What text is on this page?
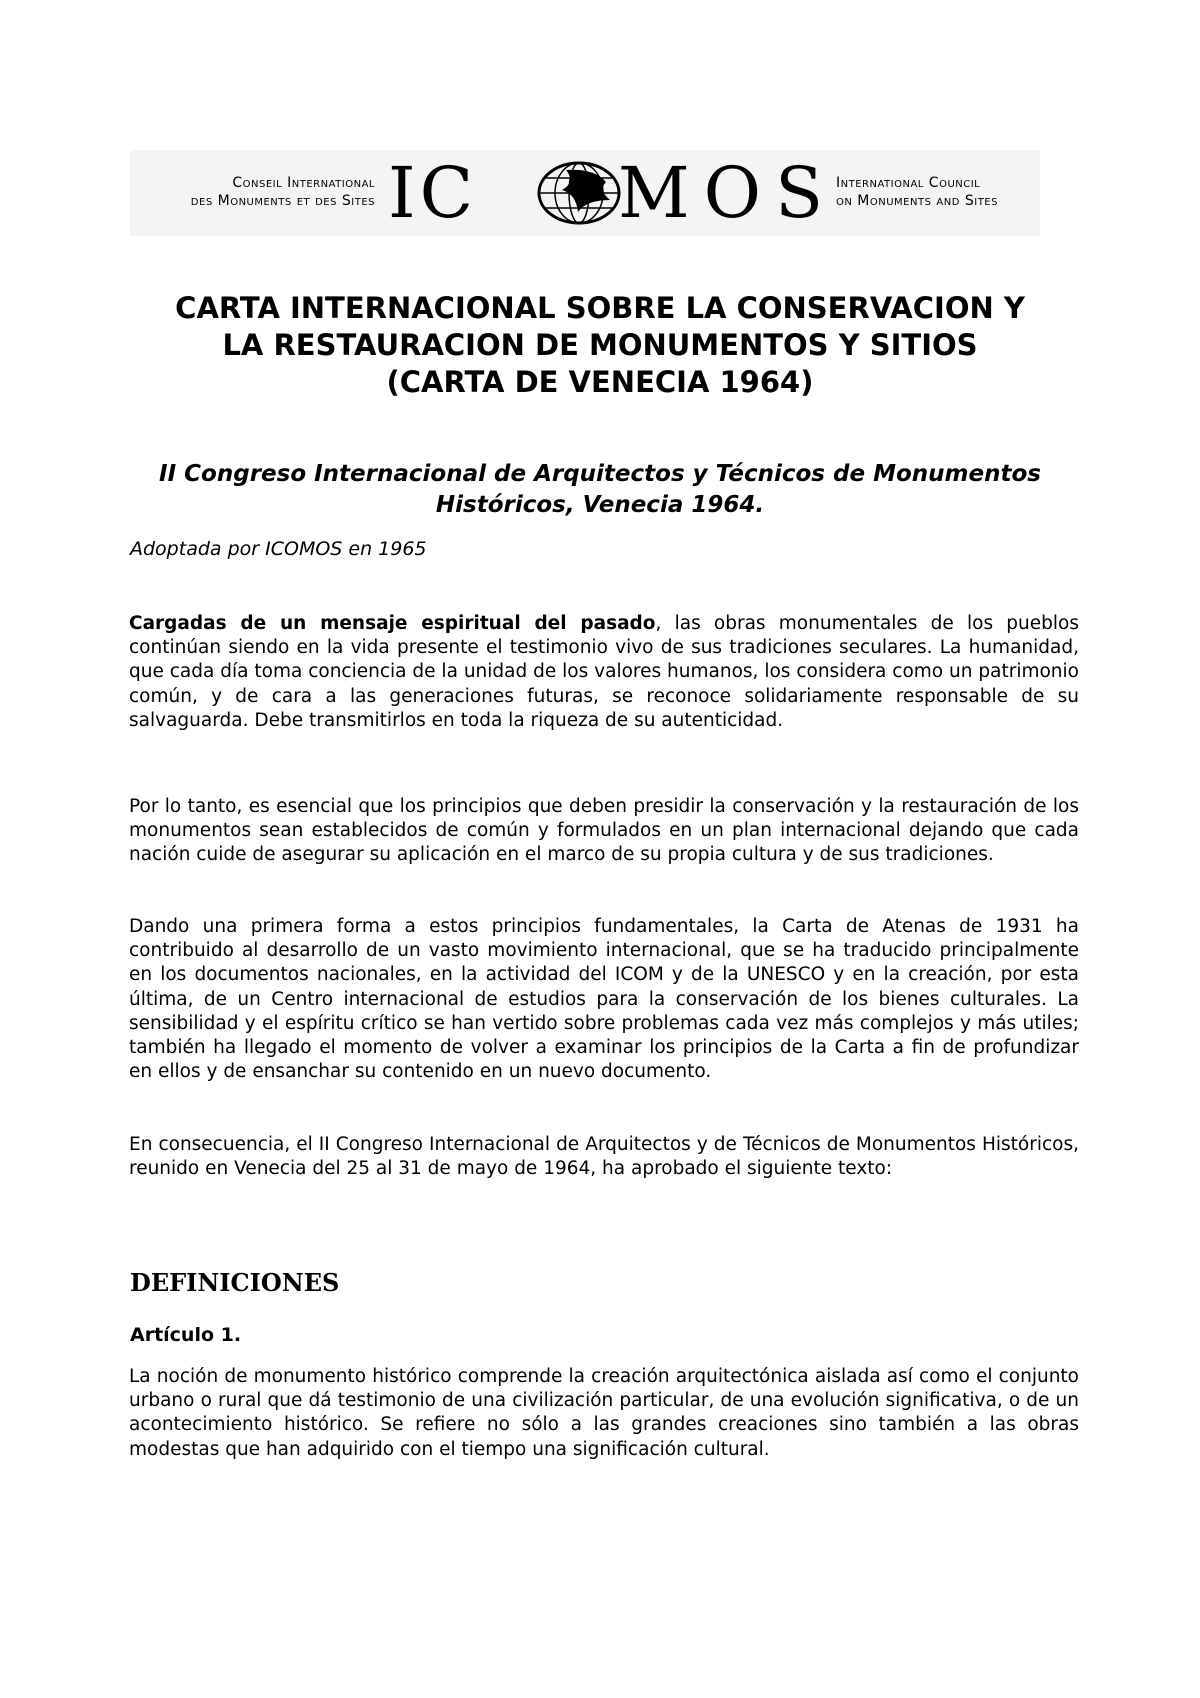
Conseil International
des Monuments et des Sites IC MOS
International Council
on Monuments and Sites
CARTA INTERNACIONAL SOBRE LA CONSERVACION Y
LA RESTAURACION DE MONUMENTOS Y SITIOS
(CARTA DE VENECIA 1964)
II Congreso Internacional de Arquitectos y Técnicos de Monumentos
Históricos, Venecia 1964.
Adoptada por ICOMOS en 1965

Cargadas de un mensaje espiritual del pasado, las obras monumentales de los pueblos continúan siendo en la vida presente el testimonio vivo de sus tradiciones seculares. La humanidad, que cada día toma conciencia de la unidad de los valores humanos, los considera como un patrimonio común, y de cara a las generaciones futuras, se reconoce solidariamente responsable de su salvaguarda. Debe transmitirlos en toda la riqueza de su autenticidad.

Por lo tanto, es esencial que los principios que deben presidir la conservación y la restauración de los monumentos sean establecidos de común y formulados en un plan internacional dejando que cada nación cuide de asegurar su aplicación en el marco de su propia cultura y de sus tradiciones.

Dando una primera forma a estos principios fundamentales, la Carta de Atenas de 1931 ha contribuido al desarrollo de un vasto movimiento internacional, que se ha traducido principalmente en los documentos nacionales, en la actividad del ICOM y de la UNESCO y en la creación, por esta última, de un Centro internacional de estudios para la conservación de los bienes culturales. La sensibilidad y el espíritu crítico se han vertido sobre problemas cada vez más complejos y más utiles; también ha llegado el momento de volver a examinar los principios de la Carta a fin de profundizar en ellos y de ensanchar su contenido en un nuevo documento.

En consecuencia, el II Congreso Internacional de Arquitectos y de Técnicos de Monumentos Históricos, reunido en Venecia del 25 al 31 de mayo de 1964, ha aprobado el siguiente texto:

DEFINICIONES
Artículo 1.

La noción de monumento histórico comprende la creación arquitectónica aislada así como el conjunto urbano o rural que dá testimonio de una civilización particular, de una evolución significativa, o de un acontecimiento histórico. Se refiere no sólo a las grandes creaciones sino también a las obras modestas que han adquirido con el tiempo una significación cultural.
